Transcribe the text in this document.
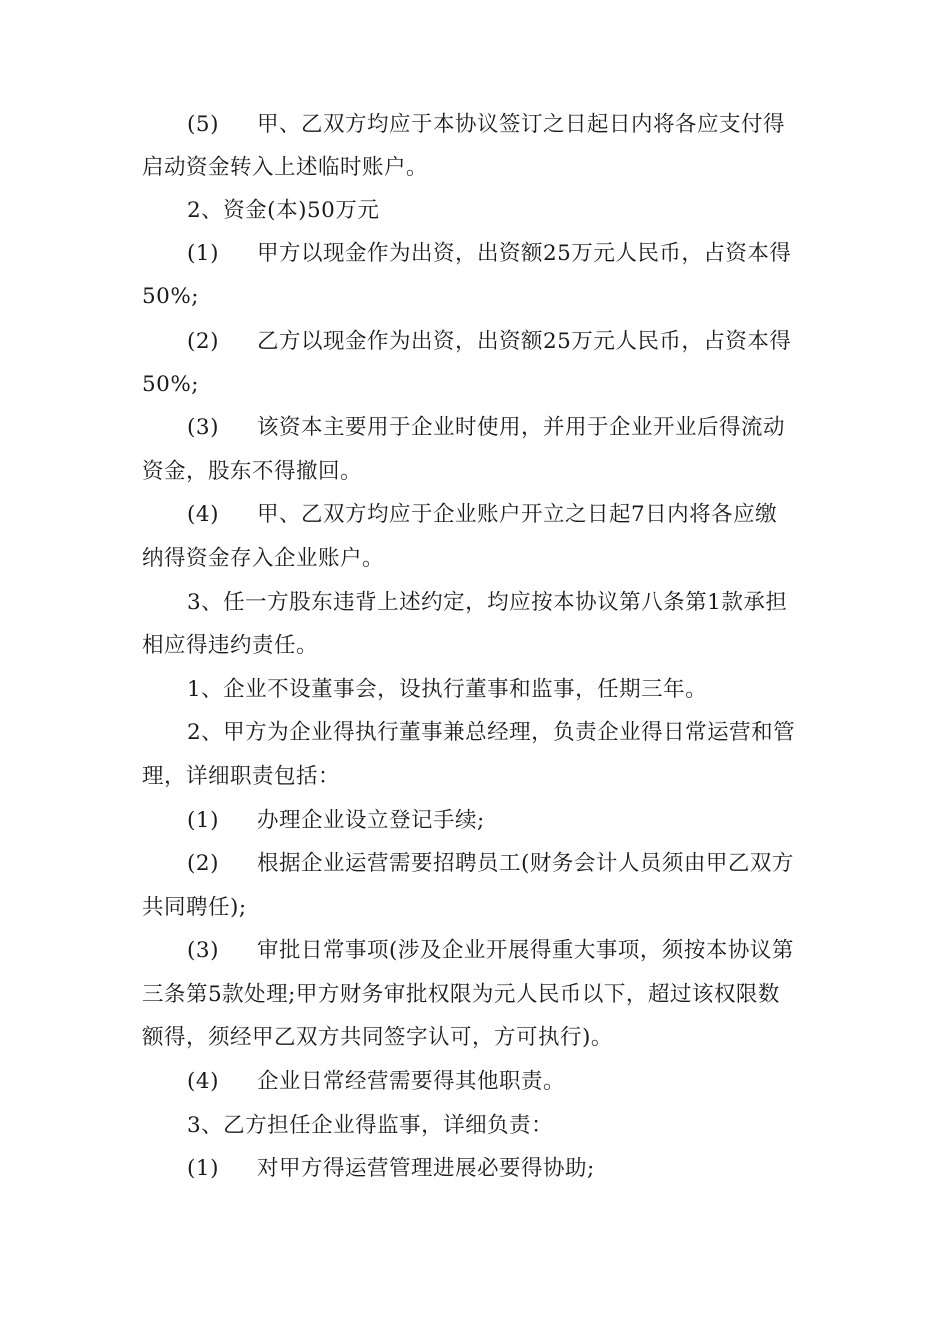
(5) 甲、乙双方均应于本协议签订之日起日内将各应支付得
启动资金转入上述临时账户。
2、资金(本)50万元
(1) 甲方以现金作为出资，出资额25万元人民币，占资本得
50%;
(2) 乙方以现金作为出资，出资额25万元人民币，占资本得
50%;
(3) 该资本主要用于企业时使用，并用于企业开业后得流动
资金，股东不得撤回。
(4) 甲、乙双方均应于企业账户开立之日起7日内将各应缴
纳得资金存入企业账户。
3、任一方股东违背上述约定，均应按本协议第八条第1款承担
相应得违约责任。
1、企业不设董事会，设执行董事和监事，任期三年。
2、甲方为企业得执行董事兼总经理，负责企业得日常运营和管
理，详细职责包括：
(1) 办理企业设立登记手续;
(2) 根据企业运营需要招聘员工(财务会计人员须由甲乙双方
共同聘任);
(3) 审批日常事项(涉及企业开展得重大事项，须按本协议第
三条第5款处理;甲方财务审批权限为元人民币以下，超过该权限数
额得，须经甲乙双方共同签字认可，方可执行)。
(4) 企业日常经营需要得其他职责。
3、乙方担任企业得监事，详细负责：
(1) 对甲方得运营管理进展必要得协助;
